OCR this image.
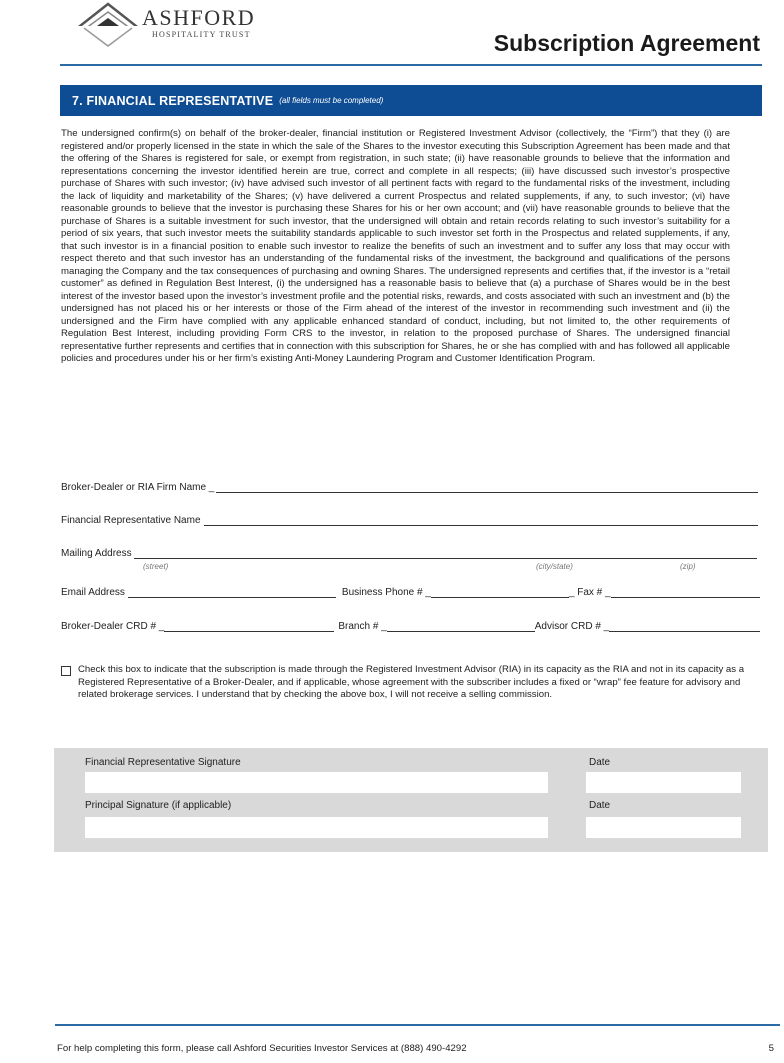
ASHFORD
HOSPITALITY TRUST	Subscription Agreement
7. FINANCIAL REPRESENTATIVE (all fields must be completed)

The undersigned confirm(s) on behalf of the broker-dealer, financial institution or Registered Investment Advisor (collectively, the “Firm”) that they (i) are registered and/or properly licensed in the state in which the sale of the Shares to the investor executing this Subscription Agreement has been made and that the offering of the Shares is registered for sale, or exempt from registration, in such state; (ii) have reasonable grounds to believe that the information and representations concerning the investor identified herein are true, correct and complete in all respects; (iii) have discussed such investor’s prospective purchase of Shares with such investor; (iv) have advised such investor of all pertinent facts with regard to the fundamental risks of the investment, including the lack of liquidity and marketability of the Shares; (v) have delivered a current Prospectus and related supplements, if any, to such investor; (vi) have reasonable grounds to believe that the investor is purchasing these Shares for his or her own account; and (vii) have reasonable grounds to believe that the purchase of Shares is a suitable investment for such investor, that the undersigned will obtain and retain records relating to such investor’s suitability for a period of six years, that such investor meets the suitability standards applicable to such investor set forth in the Prospectus and related supplements, if any, that such investor is in a financial position to enable such investor to realize the benefits of such an investment and to suffer any loss that may occur with respect thereto and that such investor has an understanding of the fundamental risks of the investment, the background and qualifications of the persons managing the Company and the tax consequences of purchasing and owning Shares. The undersigned represents and certifies that, if the investor is a “retail customer” as defined in Regulation Best Interest, (i) the undersigned has a reasonable basis to believe that (a) a purchase of Shares would be in the best interest of the investor based upon the investor’s investment profile and the potential risks, rewards, and costs associated with such an investment and (b) the undersigned has not placed his or her interests or those of the Firm ahead of the interest of the investor in recommending such investment and (ii) the undersigned and the Firm have complied with any applicable enhanced standard of conduct, including, but not limited to, the other requirements of Regulation Best Interest, including providing Form CRS to the investor, in relation to the proposed purchase of Shares. The undersigned financial representative further represents and certifies that in connection with this subscription for Shares, he or she has complied with and has followed all applicable policies and procedures under his or her firm’s existing Anti-Money Laundering Program and Customer Identification Program.

Broker-Dealer or RIA Firm Name _
Financial Representative Name
Mailing Address
(street)	(city/state)	(zip)
Email Address	Business Phone # _	_ Fax # _
Broker-Dealer CRD # _	Branch # _	Advisor CRD # _
Check this box to indicate that the subscription is made through the Registered Investment Advisor (RIA) in its capacity as the RIA and not in its capacity as a Registered Representative of a Broker-Dealer, and if applicable, whose agreement with the subscriber includes a fixed or “wrap” fee feature for advisory and related brokerage services. I understand that by checking the above box, I will not receive a selling commission.
Financial Representative Signature	Date
Principal Signature (if applicable)	Date
For help completing this form, please call Ashford Securities Investor Services at (888) 490-4292	5
